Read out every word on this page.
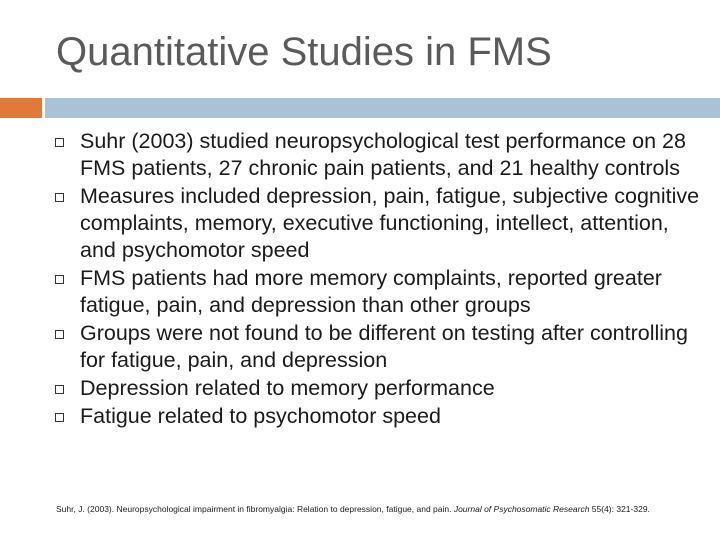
Quantitative Studies in FMS
Suhr (2003) studied neuropsychological test performance on 28 FMS patients, 27 chronic pain patients, and 21 healthy controls
Measures included depression, pain, fatigue, subjective cognitive complaints, memory, executive functioning, intellect, attention, and psychomotor speed
FMS patients had more memory complaints, reported greater fatigue, pain, and depression than other groups
Groups were not found to be different on testing after controlling for fatigue, pain, and depression
Depression related to memory performance
Fatigue related to psychomotor speed
Suhr, J. (2003). Neuropsychological impairment in fibromyalgia: Relation to depression, fatigue, and pain. Journal of Psychosomatic Research 55(4): 321-329.
